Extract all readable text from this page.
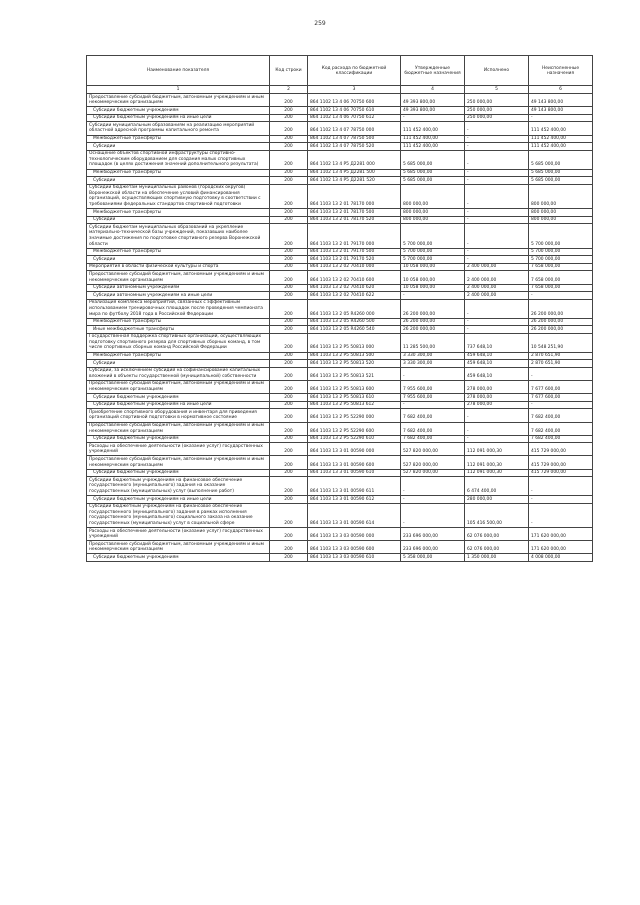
259
Наименование показателя	Код строки	Код расхода по бюджетной классификации	Утвержденные бюджетные назначения	Исполнено	Неисполненные назначения
1	2	3	4	5	6
Предоставление субсидий бюджетным, автономным учреждениям и иным некоммерческим организациям	200	864 1102 13 4 06 70750 600	49 393 800,00	250 000,00	49 143 800,00
Субсидии бюджетным учреждениям	200	864 1102 13 4 06 70750 610	49 393 800,00	250 000,00	49 143 800,00
Субсидии бюджетным учреждениям на иные цели	200	864 1102 13 4 06 70750 612	-	250 000,00	-
Субсидии муниципальным образованиям на реализацию мероприятий областной адресной программы капитального ремонта	200	864 1102 13 4 07 78750 000	111 452 400,00	-	111 452 400,00
Межбюджетные трансферты	200	864 1102 13 4 07 78750 500	111 452 400,00	-	111 452 400,00
Субсидии	200	864 1102 13 4 07 78750 520	111 452 400,00	-	111 452 400,00
Оснащение объектов спортивной инфраструктуры спортивно-технологическим оборудованием для создания малых спортивных площадок (в целях достижения значений дополнительного результата)	200	864 1102 13 4 P5 Д2281 000	5 685 000,00	-	5 685 000,00
Межбюджетные трансферты	200	864 1102 13 4 P5 Д2281 500	5 685 000,00	-	5 685 000,00
Субсидии	200	864 1102 13 4 P5 Д2281 520	5 685 000,00	-	5 685 000,00
Субсидии бюджетам муниципальных районов (городских округов) Воронежской области на обеспечение условий финансирования организаций, осуществляющих спортивную подготовку в соответствии с требованиями федеральных стандартов спортивной подготовки	200	864 1103 13 2 01 78170 000	800 000,00	-	800 000,00
Межбюджетные трансферты	200	864 1103 13 2 01 78170 500	800 000,00	-	800 000,00
Субсидии	200	864 1103 13 2 01 78170 520	800 000,00	-	800 000,00
Субсидии бюджетам муниципальных образований на укрепление материально-технической базы учреждений, показавших наиболее значимые достижения по подготовке спортивного резерва Воронежской области	200	864 1103 13 2 01 79170 000	5 700 000,00	-	5 700 000,00
Межбюджетные трансферты	200	864 1103 13 2 01 79170 500	5 700 000,00	-	5 700 000,00
Субсидии	200	864 1103 13 2 01 79170 520	5 700 000,00	-	5 700 000,00
Мероприятия в области физической культуры и спорта	200	864 1103 13 2 02 70410 000	10 058 000,00	2 400 000,00	7 658 000,00
Предоставление субсидий бюджетным, автономным учреждениям и иным некоммерческим организациям	200	864 1103 13 2 02 70410 600	10 058 000,00	2 400 000,00	7 658 000,00
Субсидии автономным учреждениям	200	864 1103 13 2 02 70410 620	10 058 000,00	2 400 000,00	7 658 000,00
Субсидии автономным учреждениям на иные цели	200	864 1103 13 2 02 70410 622	-	2 400 000,00	-
Реализация комплекса мероприятий, связанных с эффективным использованием тренировочных площадок после проведения чемпионата мира по футболу 2018 года в Российской Федерации	200	864 1103 13 2 05 R4260 000	26 200 000,00	-	26 200 000,00
Межбюджетные трансферты	200	864 1103 13 2 05 R4260 500	26 200 000,00	-	26 200 000,00
Иные межбюджетные трансферты	200	864 1103 13 2 05 R4260 540	26 200 000,00	-	26 200 000,00
Государственная поддержка спортивных организаций, осуществляющих подготовку спортивного резерва для спортивных сборных команд, в том числе спортивных сборных команд Российской Федерации	200	864 1103 13 2 P5 50813 000	11 285 500,00	737 648,10	10 548 251,90
Межбюджетные трансферты	200	864 1103 13 2 P5 50813 500	3 330 300,00	459 648,10	2 870 651,90
Субсидии	200	864 1103 13 2 P5 50813 520	3 330 300,00	459 648,10	2 870 651,90
Субсидии, за исключением субсидий на софинансирование капитальных вложений в объекты государственной (муниципальной) собственности	200	864 1103 13 2 P5 50813 521	-	459 648,10	-
Предоставление субсидий бюджетным, автономным учреждениям и иным некоммерческим организациям	200	864 1103 13 2 P5 50813 600	7 955 600,00	278 000,00	7 677 600,00
Субсидии бюджетным учреждениям	200	864 1103 13 2 P5 50813 610	7 955 600,00	278 000,00	7 677 600,00
Субсидии бюджетным учреждениям на иные цели	200	864 1103 13 2 P5 50813 612	-	278 000,00	-
Приобретение спортивного оборудования и инвентаря для приведения организаций спортивной подготовки в нормативное состояние	200	864 1103 13 2 P5 52290 000	7 682 400,00	-	7 682 400,00
Предоставление субсидий бюджетным, автономным учреждениям и иным некоммерческим организациям	200	864 1103 13 2 P5 52290 600	7 682 400,00	-	7 682 400,00
Субсидии бюджетным учреждениям	200	864 1103 13 2 P5 52290 610	7 682 400,00	-	7 682 400,00
Расходы на обеспечение деятельности (оказание услуг) государственных учреждений	200	864 1103 13 3 01 00590 000	527 820 000,00	112 091 000,30	415 729 000,00
Предоставление субсидий бюджетным, автономным учреждениям и иным некоммерческим организациям	200	864 1103 13 3 01 00590 600	527 820 000,00	112 091 000,30	415 729 000,00
Субсидии бюджетным учреждениям	200	864 1103 13 3 01 00590 610	527 820 000,00	112 091 000,30	415 729 000,00
Субсидии бюджетным учреждениям на финансовое обеспечение государственного (муниципального) задания на оказание государственных (муниципальных) услуг (выполнение работ)	200	864 1103 13 3 01 00590 611	-	6 474 400,00	-
Субсидии бюджетным учреждениям на иные цели	200	864 1103 13 3 01 00590 612	-	280 000,00	-
Субсидии бюджетным учреждениям на финансовое обеспечение государственного (муниципального) задания в рамках исполнения государственного (муниципального) социального заказа на оказание государственных (муниципальных) услуг в социальной сфере	200	864 1103 13 3 01 00590 614	-	105 416 500,00	-
Расходы на обеспечение деятельности (оказание услуг) государственных учреждений	200	864 1103 13 3 03 00590 000	233 696 000,00	62 076 000,00	171 620 000,00
Предоставление субсидий бюджетным, автономным учреждениям и иным некоммерческим организациям	200	864 1103 13 3 03 00590 600	233 696 000,00	62 076 000,00	171 620 000,00
Субсидии бюджетным учреждениям	200	864 1103 13 3 03 00590 610	5 358 000,00	1 350 000,00	4 008 000,00
